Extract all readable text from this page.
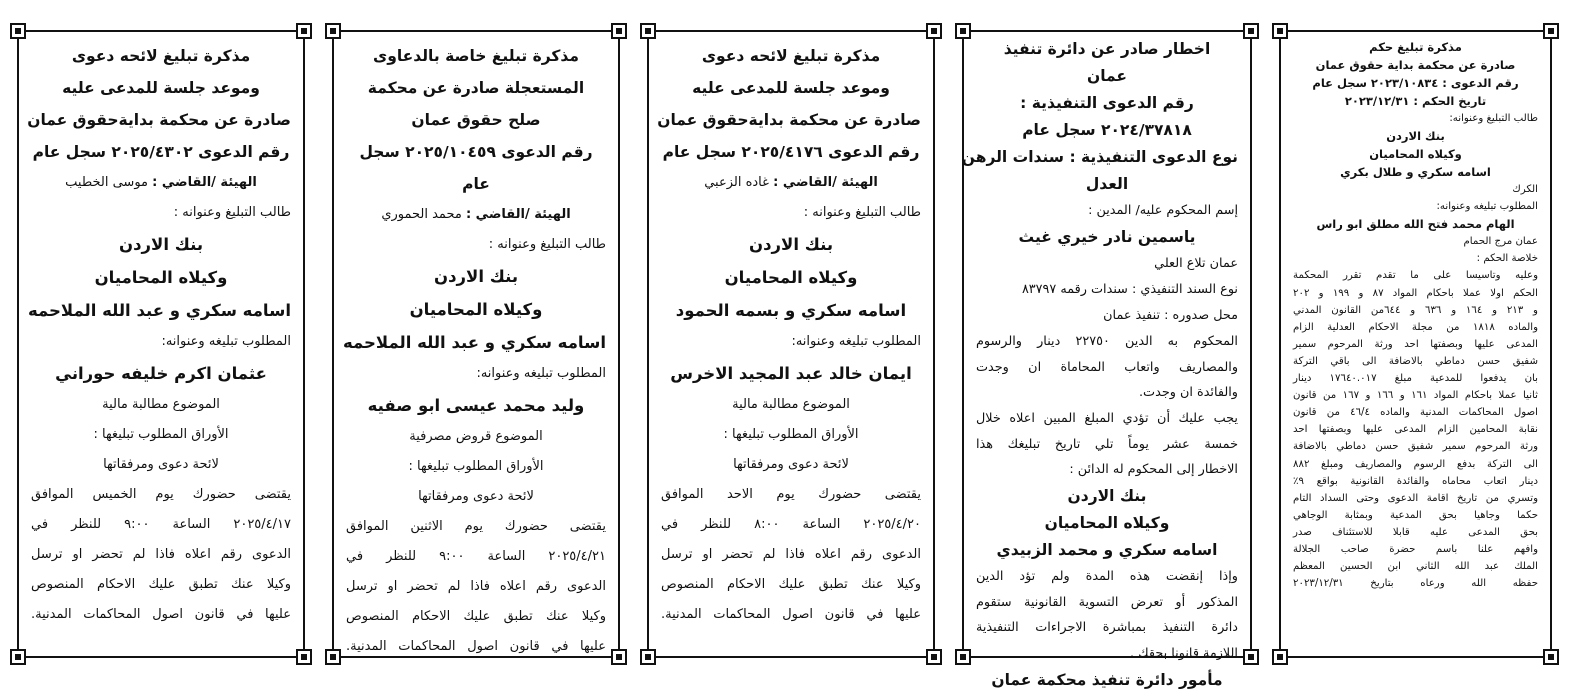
مذكرة تبليغ حكم
صادرة عن محكمة بداية حقوق عمان
رقم الدعوى : ٢٠٢٣/١٠٨٣٤ سجل عام
تاريخ الحكم : ٢٠٢٣/١٢/٣١
طالب التبليغ وعنوانه:
بنك الاردن
وكيلاه المحاميان
اسامه سكري و طلال بكري
الكرك
المطلوب تبليغه وعنوانه:
الهام محمد فتح الله مطلق ابو راس
عمان مرج الحمام
خلاصة الحكم :
وعليه وتاسيسا على ما تقدم تقرر المحكمة
الحكم اولا عملا باحكام المواد ٨٧ و ١٩٩ و ٢٠٢
و ٢١٣ و ١٦٤ و ٦٣٦ و ٦٤٤من القانون المدني
والماده ١٨١٨ من مجلة الاحكام العدلية الزام
المدعى عليها وبصفتها احد ورثة المرحوم سمير
شفيق حسن دماطي بالاضافة الى باقي التركة
بان يدفعوا للمدعية مبلغ ١٧٦٤٠.٠١٧ دينار
ثانيا عملا باحكام المواد ١٦١ و ١٦٦ و ١٦٧ من قانون
اصول المحاكمات المدنية والماده ٤٦/٤ من قانون
نقابة المحامين الزام المدعى عليها وبصفتها احد
ورثة المرحوم سمير شفيق حسن دماطي بالاضافة
الى التركة بدفع الرسوم والمصاريف ومبلغ ٨٨٢
دينار اتعاب محاماه والفائدة القانونية بواقع ٩٪
وتسري من تاريخ اقامة الدعوى وحتى السداد التام
حكما وجاهيا بحق المدعية وبمثابة الوجاهي
بحق المدعى عليه قابلا للاستئناف صدر
وافهم علنا باسم حضرة صاحب الجلالة
الملك عبد الله الثاني ابن الحسين المعظم
حفظه الله ورعاه بتاريخ ٢٠٢٣/١٢/٣١
اخطار صادر عن دائرة تنفيذ
عمان
رقم الدعوى التنفيذية :
٢٠٢٤/٣٧٨١٨ سجل عام
نوع الدعوى التنفيذية : سندات الرهن
العدل
إسم المحكوم عليه/ المدين :
ياسمين نادر خيري غيث
عمان تلاع العلي
نوع السند التنفيذي : سندات رقمه ٨٣٧٩٧
محل صدوره : تنفيذ عمان
المحكوم به الدين ٢٢٧٥٠ دينار والرسوم
والمصاريف واتعاب المحاماة ان وجدت
والفائدة ان وجدت.
يجب عليك أن تؤدي المبلغ المبين اعلاه خلال
خمسة عشر يوماً تلي تاريخ تبليغك هذا
الاخطار إلى المحكوم له الدائن :
بنك الاردن
وكيلاه المحاميان
اسامه سكري و محمد الزبيدي
وإذا إنقضت هذه المدة ولم تؤد الدين
المذكور أو تعرض التسوية القانونية ستقوم
دائرة التنفيذ بمباشرة الاجراءات التنفيذية
اللازمة قانونا بحقك .
مأمور دائرة تنفيذ محكمة عمان
مذكرة تبليغ لائحه دعوى
وموعد جلسة للمدعى عليه
صادرة عن محكمة بدايةحقوق عمان
رقم الدعوى ٢٠٢٥/٤١٧٦ سجل عام
الهيئة /القاضي : غاده الزعبي
طالب التبليغ وعنوانه :
بنك الاردن
وكيلاه المحاميان
اسامه سكري و بسمه الحمود
المطلوب تبليغه وعنوانه:
ايمان خالد عبد المجيد الاخرس
الموضوع مطالبة مالية
الأوراق المطلوب تبليغها :
لائحة دعوى ومرفقاتها
يقتضى حضورك يوم الاحد الموافق
٢٠٢٥/٤/٢٠ الساعة ٨:٠٠ للنظر في
الدعوى رقم اعلاه فاذا لم تحضر او ترسل
وكيلا عنك تطبق عليك الاحكام المنصوص
عليها في قانون اصول المحاكمات المدنية.
مذكرة تبليغ خاصة بالدعاوى
المستعجلة صادرة عن محكمة
صلح حقوق عمان
رقم الدعوى ٢٠٢٥/١٠٤٥٩ سجل
عام
الهيئة /القاضي : محمد الحموري
طالب التبليغ وعنوانه :
بنك الاردن
وكيلاه المحاميان
اسامه سكري و عبد الله الملاحمه
المطلوب تبليغه وعنوانه:
وليد محمد عيسى ابو صفيه
الموضوع قروض مصرفية
الأوراق المطلوب تبليغها :
لائحة دعوى ومرفقاتها
يقتضى حضورك يوم الاثنين الموافق
٢٠٢٥/٤/٢١ الساعة ٩:٠٠ للنظر في
الدعوى رقم اعلاه فاذا لم تحضر او ترسل
وكيلا عنك تطبق عليك الاحكام المنصوص
عليها في قانون اصول المحاكمات المدنية.
مذكرة تبليغ لائحه دعوى
وموعد جلسة للمدعى عليه
صادرة عن محكمة بدايةحقوق عمان
رقم الدعوى ٢٠٢٥/٤٣٠٢ سجل عام
الهيئة /القاضي : موسى الخطيب
طالب التبليغ وعنوانه :
بنك الاردن
وكيلاه المحاميان
اسامه سكري و عبد الله الملاحمه
المطلوب تبليغه وعنوانه:
عثمان اكرم خليفه حوراني
الموضوع مطالبة مالية
الأوراق المطلوب تبليغها :
لائحة دعوى ومرفقاتها
يقتضى حضورك يوم الخميس الموافق
٢٠٢٥/٤/١٧ الساعة ٩:٠٠ للنظر في
الدعوى رقم اعلاه فاذا لم تحضر او ترسل
وكيلا عنك تطبق عليك الاحكام المنصوص
عليها في قانون اصول المحاكمات المدنية.
